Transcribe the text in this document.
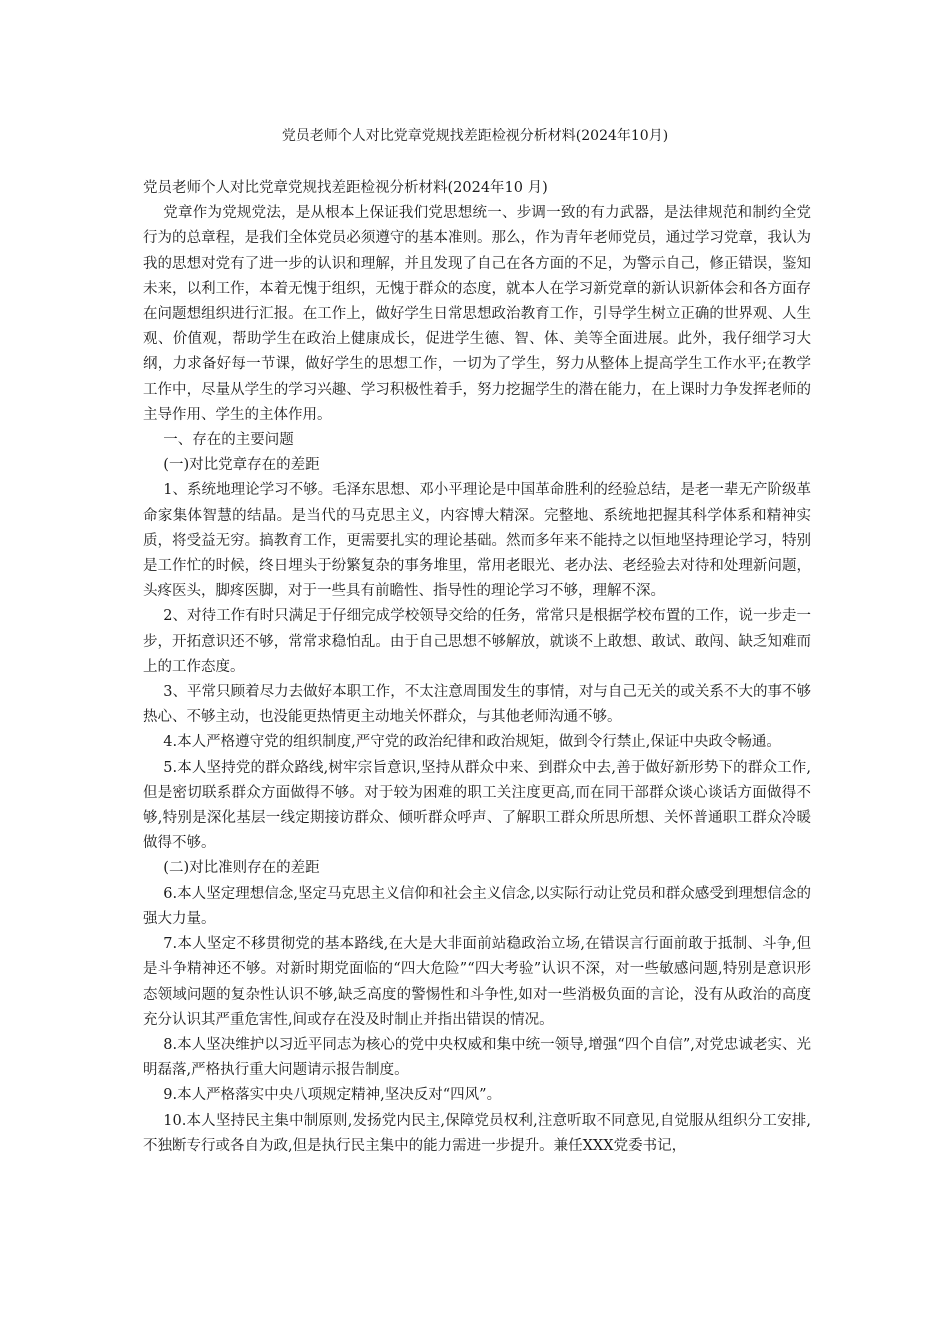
党员老师个人对比党章党规找差距检视分析材料(2024年10月)

党员老师个人对比党章党规找差距检视分析材料(2024年10 月)

党章作为党规党法，是从根本上保证我们党思想统一、步调一致的有力武器，是法律规范和制约全党行为的总章程，是我们全体党员必须遵守的基本准则。那么，作为青年老师党员，通过学习党章，我认为我的思想对党有了进一步的认识和理解，并且发现了自己在各方面的不足，为警示自己，修正错误，鉴知未来，以利工作，本着无愧于组织，无愧于群众的态度，就本人在学习新党章的新认识新体会和各方面存在问题想组织进行汇报。在工作上，做好学生日常思想政治教育工作，引导学生树立正确的世界观、人生观、价值观，帮助学生在政治上健康成长，促进学生德、智、体、美等全面进展。此外，我仔细学习大纲，力求备好每一节课，做好学生的思想工作，一切为了学生，努力从整体上提高学生工作水平;在教学工作中，尽量从学生的学习兴趣、学习积极性着手，努力挖掘学生的潜在能力，在上课时力争发挥老师的主导作用、学生的主体作用。

一、存在的主要问题

(一)对比党章存在的差距

1、系统地理论学习不够。毛泽东思想、邓小平理论是中国革命胜利的经验总结，是老一辈无产阶级革命家集体智慧的结晶。是当代的马克思主义，内容博大精深。完整地、系统地把握其科学体系和精神实质，将受益无穷。搞教育工作，更需要扎实的理论基础。然而多年来不能持之以恒地坚持理论学习，特别是工作忙的时候，终日埋头于纷繁复杂的事务堆里，常用老眼光、老办法、老经验去对待和处理新问题，头疼医头，脚疼医脚，对于一些具有前瞻性、指导性的理论学习不够，理解不深。

2、对待工作有时只满足于仔细完成学校领导交给的任务，常常只是根据学校布置的工作，说一步走一步，开拓意识还不够，常常求稳怕乱。由于自己思想不够解放，就谈不上敢想、敢试、敢闯、缺乏知难而上的工作态度。

3、平常只顾着尽力去做好本职工作，不太注意周围发生的事情，对与自己无关的或关系不大的事不够热心、不够主动，也没能更热情更主动地关怀群众，与其他老师沟通不够。

4.本人严格遵守党的组织制度,严守党的政治纪律和政治规矩，做到令行禁止,保证中央政令畅通。

5.本人坚持党的群众路线,树牢宗旨意识,坚持从群众中来、到群众中去,善于做好新形势下的群众工作,但是密切联系群众方面做得不够。对于较为困难的职工关注度更高,而在同干部群众谈心谈话方面做得不够,特别是深化基层一线定期接访群众、倾听群众呼声、了解职工群众所思所想、关怀普通职工群众冷暖做得不够。

(二)对比准则存在的差距

6.本人坚定理想信念,坚定马克思主义信仰和社会主义信念,以实际行动让党员和群众感受到理想信念的强大力量。

7.本人坚定不移贯彻党的基本路线,在大是大非面前站稳政治立场,在错误言行面前敢于抵制、斗争,但是斗争精神还不够。对新时期党面临的“四大危险”“四大考验”认识不深，对一些敏感问题,特别是意识形态领域问题的复杂性认识不够,缺乏高度的警惕性和斗争性,如对一些消极负面的言论，没有从政治的高度充分认识其严重危害性,间或存在没及时制止并指出错误的情况。

8.本人坚决维护以习近平同志为核心的党中央权威和集中统一领导,增强“四个自信”,对党忠诚老实、光明磊落,严格执行重大问题请示报告制度。

9.本人严格落实中央八项规定精神,坚决反对“四风”。

10.本人坚持民主集中制原则,发扬党内民主,保障党员权利,注意听取不同意见,自觉服从组织分工安排,不独断专行或各自为政,但是执行民主集中的能力需进一步提升。兼任XXX党委书记，
